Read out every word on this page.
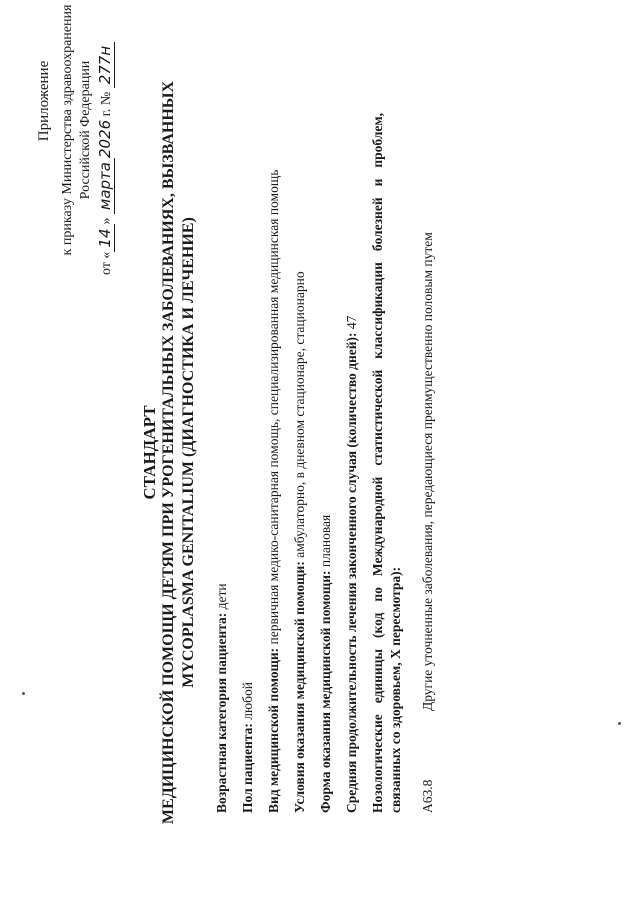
Приложение к приказу Министерства здравоохранения Российской Федерации
от «14» марта2026 г. № 277н
СТАНДАРТ МЕДИЦИНСКОЙ ПОМОЩИ ДЕТЯМ ПРИ УРОГЕНИТАЛЬНЫХ ЗАБОЛЕВАНИЯХ, ВЫЗВАННЫХ MYCOPLASMA GENITALIUM (ДИАГНОСТИКА И ЛЕЧЕНИЕ)
Возрастная категория пациента: дети
Пол пациента: любой Вид медицинской помощи: первичная медико-санитарная помощь, специализированная медицинская помощь
Условия оказания медицинской помощи: амбулаторно, в дневном стационаре, стационарно
Форма оказания медицинской помощи: плановая Средняя продолжительность лечения законченного случая (количество дней): 47 Нозологические единицы (код по Международной статистической классификации болезней и проблем, связанных со здоровьем, X пересмотра): A63.8
Другие уточненные заболевания, передающиеся преимущественно половым путем
